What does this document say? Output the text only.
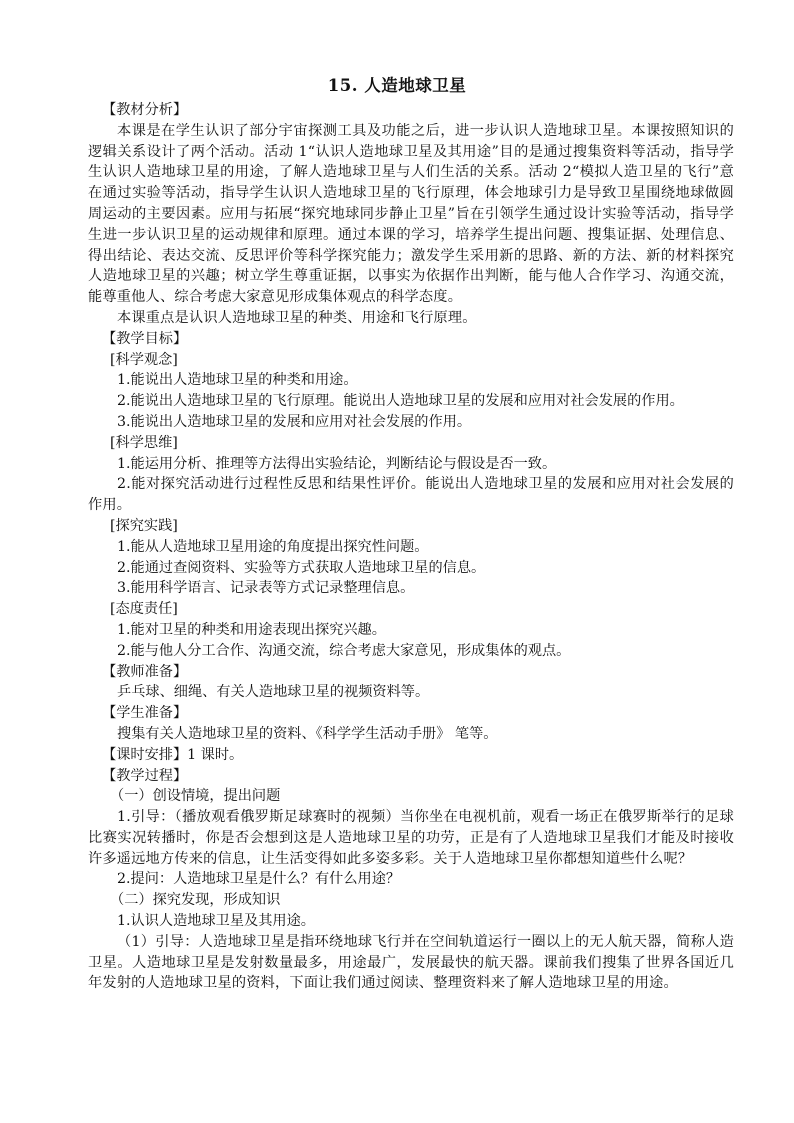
15. 人造地球卫星

【教材分析】

本课是在学生认识了部分宇宙探测工具及功能之后，进一步认识人造地球卫星。本课按照知识的逻辑关系设计了两个活动。活动 1“认识人造地球卫星及其用途”目的是通过搜集资料等活动，指导学生认识人造地球卫星的用途，了解人造地球卫星与人们生活的关系。活动 2“模拟人造卫星的飞行”意在通过实验等活动，指导学生认识人造地球卫星的飞行原理，体会地球引力是导致卫星围绕地球做圆周运动的主要因素。应用与拓展“探究地球同步静止卫星”旨在引领学生通过设计实验等活动，指导学生进一步认识卫星的运动规律和原理。通过本课的学习，培养学生提出问题、搜集证据、处理信息、得出结论、表达交流、反思评价等科学探究能力；激发学生采用新的思路、新的方法、新的材料探究人造地球卫星的兴趣；树立学生尊重证据，以事实为依据作出判断，能与他人合作学习、沟通交流，能尊重他人、综合考虑大家意见形成集体观点的科学态度。

本课重点是认识人造地球卫星的种类、用途和飞行原理。

【教学目标】

[科学观念]

1.能说出人造地球卫星的种类和用途。

2.能说出人造地球卫星的飞行原理。能说出人造地球卫星的发展和应用对社会发展的作用。

3.能说出人造地球卫星的发展和应用对社会发展的作用。

[科学思维]

1.能运用分析、推理等方法得出实验结论，判断结论与假设是否一致。

2.能对探究活动进行过程性反思和结果性评价。能说出人造地球卫星的发展和应用对社会发展的作用。

[探究实践]

1.能从人造地球卫星用途的角度提出探究性问题。

2.能通过查阅资料、实验等方式获取人造地球卫星的信息。

3.能用科学语言、记录表等方式记录整理信息。

[态度责任]

1.能对卫星的种类和用途表现出探究兴趣。

2.能与他人分工合作、沟通交流，综合考虑大家意见，形成集体的观点。

【教师准备】

乒乓球、细绳、有关人造地球卫星的视频资料等。

【学生准备】

搜集有关人造地球卫星的资料、《科学学生活动手册》 笔等。

【课时安排】1 课时。

【教学过程】

（一）创设情境，提出问题

1.引导：（播放观看俄罗斯足球赛时的视频）当你坐在电视机前，观看一场正在俄罗斯举行的足球比赛实况转播时，你是否会想到这是人造地球卫星的功劳，正是有了人造地球卫星我们才能及时接收许多遥远地方传来的信息，让生活变得如此多姿多彩。关于人造地球卫星你都想知道些什么呢？

2.提问：人造地球卫星是什么？有什么用途？

（二）探究发现，形成知识

1.认识人造地球卫星及其用途。

（1）引导：人造地球卫星是指环绕地球飞行并在空间轨道运行一圈以上的无人航天器，简称人造卫星。人造地球卫星是发射数量最多，用途最广，发展最快的航天器。课前我们搜集了世界各国近几年发射的人造地球卫星的资料，下面让我们通过阅读、整理资料来了解人造地球卫星的用途。
